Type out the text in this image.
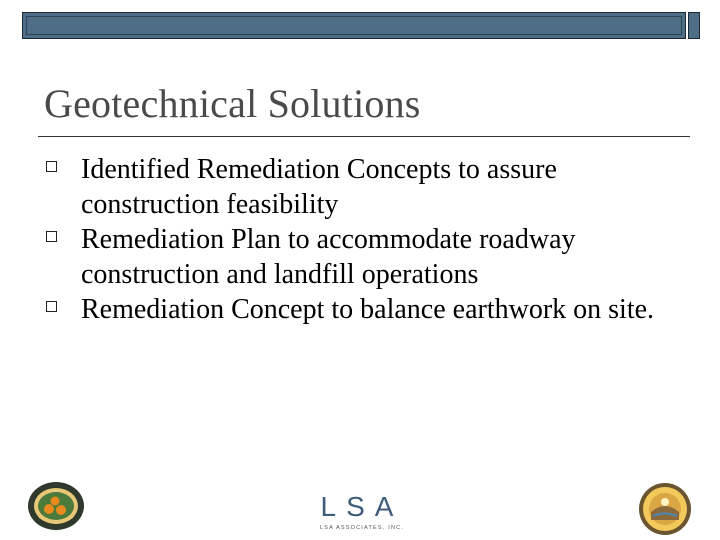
Geotechnical Solutions
Identified Remediation Concepts to assure construction feasibility
Remediation Plan to accommodate roadway construction and landfill operations
Remediation Concept to balance earthwork on site.
LSA
LSA ASSOCIATES, INC.
